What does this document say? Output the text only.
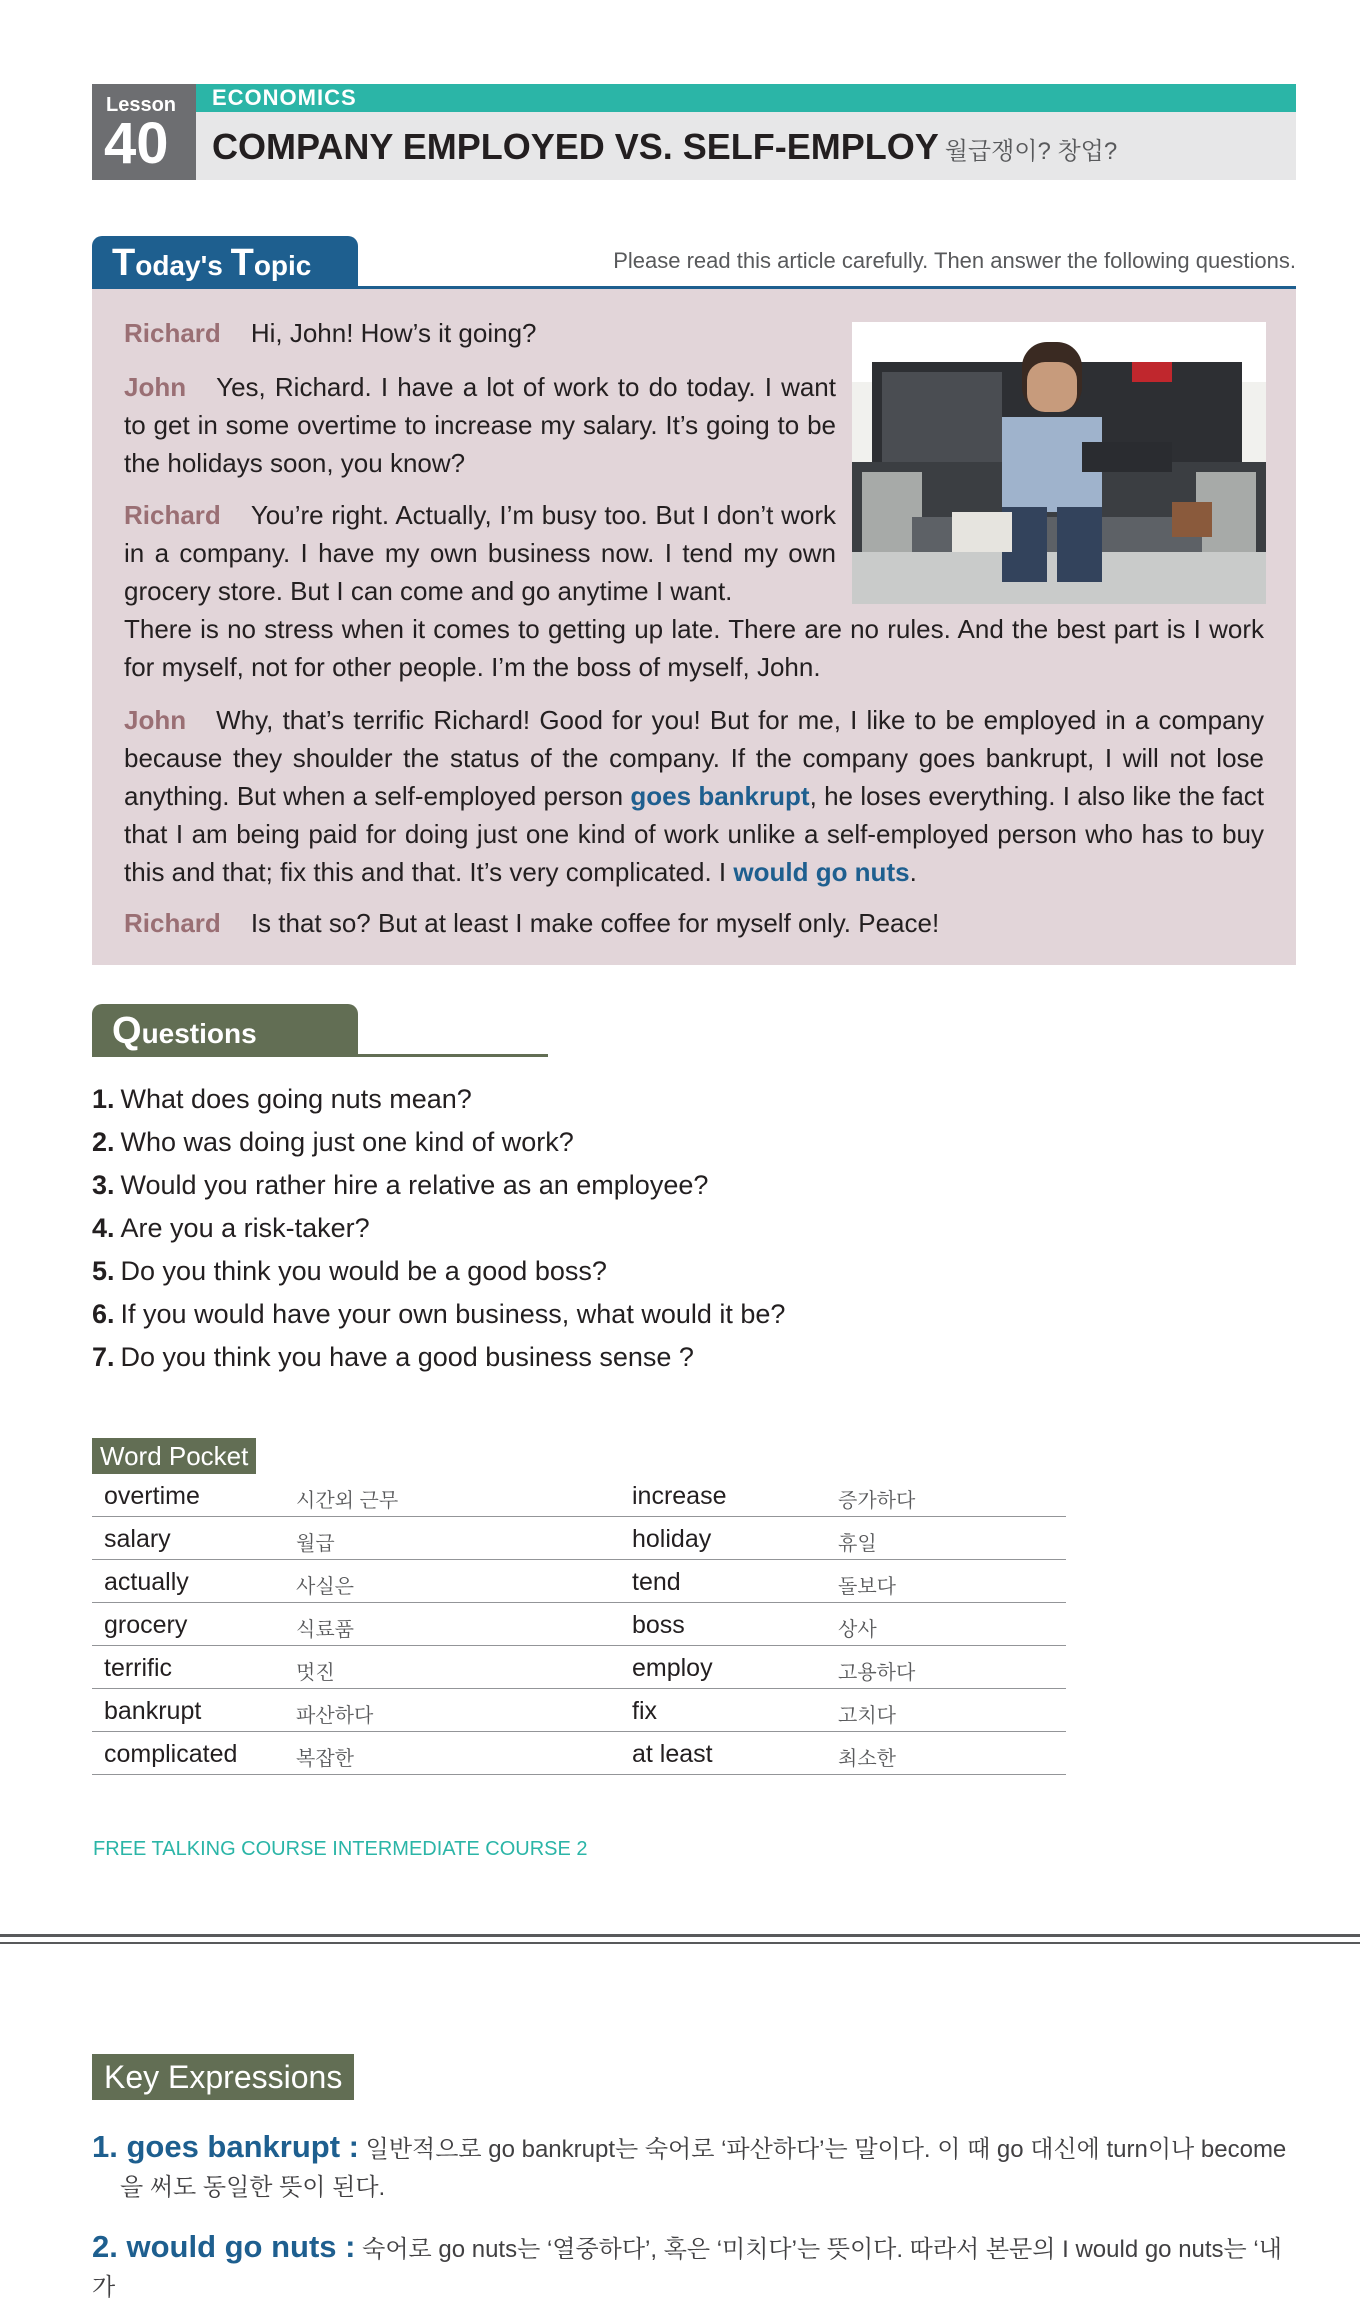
Lesson
40
ECONOMICS
COMPANY EMPLOYED VS. SELF-EMPLOY 월급쟁이? 창업?
Today's Topic	Please read this article carefully. Then answer the following questions.
Richard Hi, John! How’s it going?
John Yes, Richard. I have a lot of work to do today. I want to get in some overtime to increase my salary. It’s going to be the holidays soon, you know?
Richard You’re right. Actually, I’m busy too. But I don’t work in a company. I have my own business now. I tend my own grocery store. But I can come and go anytime I want.
There is no stress when it comes to getting up late. There are no rules. And the best part is I work for myself, not for other people. I’m the boss of myself, John.
John Why, that’s terrific Richard! Good for you! But for me, I like to be employed in a company because they shoulder the status of the company. If the company goes bankrupt, I will not lose anything. But when a self-employed person goes bankrupt, he loses everything. I also like the fact that I am being paid for doing just one kind of work unlike a self-employed person who has to buy this and that; fix this and that. It’s very complicated. I would go nuts.
Richard Is that so? But at least I make coffee for myself only. Peace!
Questions
1. What does going nuts mean?
2. Who was doing just one kind of work?
3. Would you rather hire a relative as an employee?
4. Are you a risk-taker?
5. Do you think you would be a good boss?
6. If you would have your own business, what would it be?
7. Do you think you have a good business sense ?
Word Pocket
overtime	시간외 근무	increase	증가하다
salary	월급	holiday	휴일
actually	사실은	tend	돌보다
grocery	식료품	boss	상사
terrific	멋진	employ	고용하다
bankrupt	파산하다	fix	고치다
complicated	복잡한	at least	최소한
FREE TALKING COURSE INTERMEDIATE COURSE 2
Key Expressions
1. goes bankrupt : 일반적으로 go bankrupt는 숙어로 ‘파산하다’는 말이다. 이 때 go 대신에 turn이나 become
을 써도 동일한 뜻이 된다.
2. would go nuts : 숙어로 go nuts는 ‘열중하다’, 혹은 ‘미치다’는 뜻이다. 따라서 본문의 I would go nuts는 ‘내가
